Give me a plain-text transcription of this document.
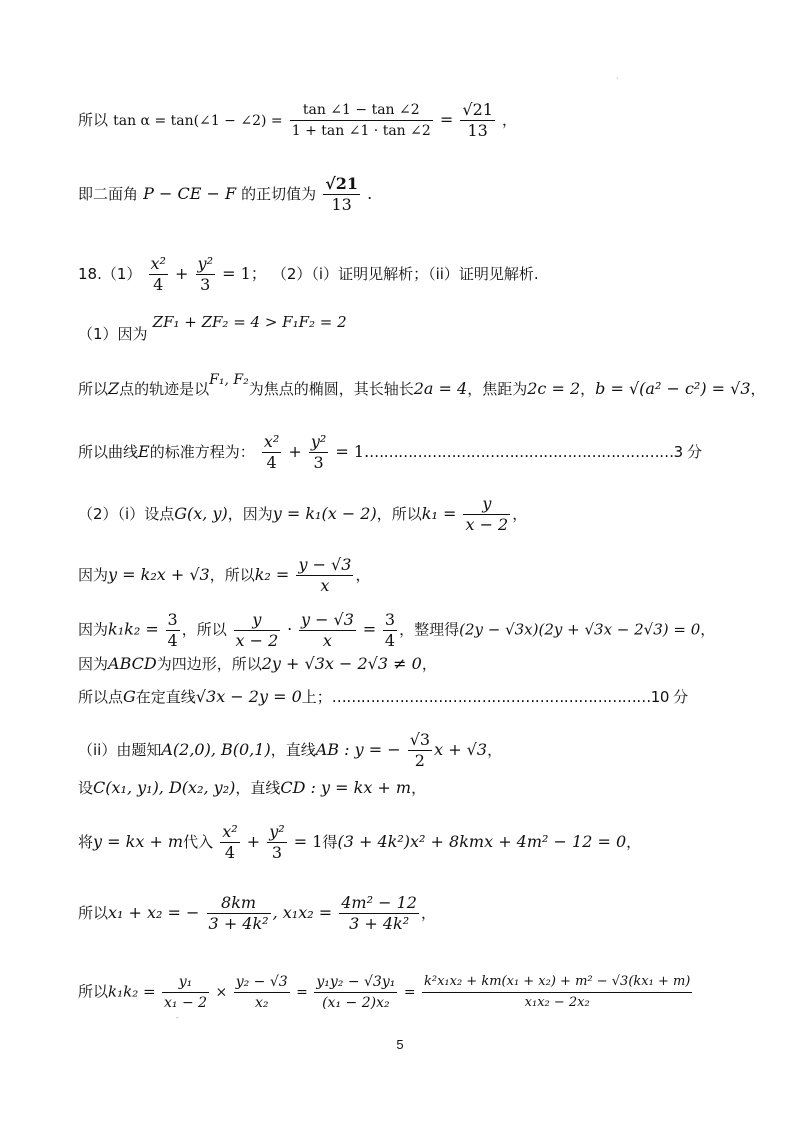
·
所以 tan α = tan(∠1 − ∠2) = $\frac{\tan \angle 1 - \tan \angle 2}{1 + \tan \angle 1 \cdot \tan \angle 2} = \frac{√21}{13}$ ，
即二面角 P − CE − F 的正切值为 $\frac{√21}{13}$ .
$18.(1) \frac{\text{x²}}{4} + \frac{\text{y²}}{3} = 1$； （2）（i）证明见解析；（ii）证明见解析.
（1）因为 ZF₁ + ZF₂ = 4 > F₁F₂ = 2
所以Z点的轨迹是以F₁, F₂为焦点的椭圆，其长轴长2a = 4，焦距为2c = 2，b = √(a² − c²) = √3，
所以曲线E的标准方程为： $\frac{\text{x²}}{4} + \frac{\text{y²}}{3}$ = 1.………………………………………………………3 分
（2）（i）设点G(x, y)，因为y = k₁(x − 2)，所以$k_1 = \frac{y}{x - 2}$ ，
因为y = k₂x + √3，所以$k_2 = \frac{y - √3}{x}$ ，
因为$k_1k_2 = \frac{3}{4}$ ，所以 $\frac{y}{x - 2} \cdot \frac{y - √3}{x} = \frac{3}{4}$ ，整理得(2y − √3x)(2y + √3x − 2√3) = 0，
因为ABCD为四边形，所以2y + √3x − 2√3 ≠ 0，
所以点G在定直线√3x − 2y = 0上；…………………………………………………………10 分
（ii）由题知A(2,0), B(0,1)，直线AB : y = − $\frac{√3}{2}$ x + √3，
设C(x₁, y₁), D(x₂, y₂)，直线CD : y = kx + m，
将y = kx + m代入 $\frac{\text{x²}}{4} + \frac{\text{y²}}{3} = 1$得(3 + 4k²)x² + 8kmx + 4m² − 12 = 0，
所以x₁ + x₂ = − $\frac{8km}{\text{3 + 4k²}}$ , $x_1x_2 = \frac{\text{4m² − 12}}{\text{3 + 4k²}}$ ，
所以$k_1k_2 = \frac{\text{y₁}}{\text{x₁ − 2}} \times \frac{\text{y₂ − √3}}{\text{x₂}} = \frac{\text{y₁y₂ − √3y₁}}{\text{(x₁ − 2)x₂}} = \frac{\text{k²x₁x₂ + km(x₁ + x₂) + m² − √3(kx₁ + m)}}{\text{x₁x₂ − 2x₂}}$
-
5
